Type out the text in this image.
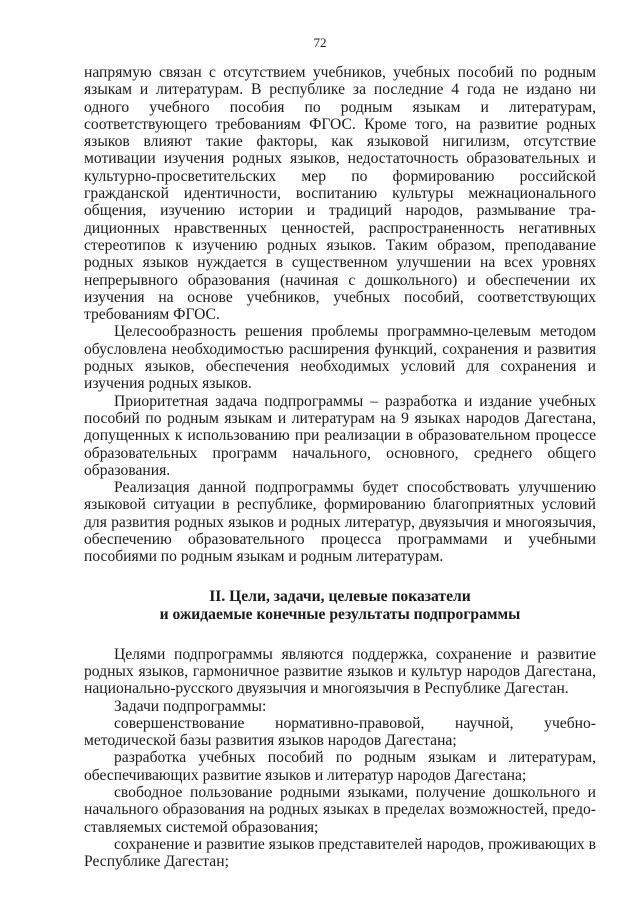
72

напрямую связан с отсутствием учебников, учебных пособий по родным языкам и литературам. В республике за последние 4 года не издано ни одного учебного пособия по родным языкам и литературам, соответствующего требованиям ФГОС. Кроме того, на развитие родных языков влияют такие факторы, как языковой нигилизм, отсутствие мотивации изучения родных языков, недостаточность образовательных и культурно-просветительских мер по формированию российской гражданской идентичности, воспитанию культуры межнационального общения, изучению истории и традиций народов, размывание традиционных нравственных ценностей, распространенность негативных стереотипов к изучению родных языков. Таким образом, преподавание родных языков нуждается в существенном улучшении на всех уровнях непрерывного образования (начиная с дошкольного) и обеспечении их изучения на основе учебников, учебных пособий, соответствующих требованиям ФГОС.

Целесообразность решения проблемы программно-целевым методом обусловлена необходимостью расширения функций, сохранения и развития родных языков, обеспечения необходимых условий для сохранения и изучения родных языков.

Приоритетная задача подпрограммы – разработка и издание учебных пособий по родным языкам и литературам на 9 языках народов Дагестана, допущенных к использованию при реализации в образовательном процессе образовательных программ начального, основного, среднего общего образования.

Реализация данной подпрограммы будет способствовать улучшению языковой ситуации в республике, формированию благоприятных условий для развития родных языков и родных литератур, двуязычия и многоязычия, обеспечению образовательного процесса программами и учебными пособиями по родным языкам и родным литературам.

II. Цели, задачи, целевые показатели
и ожидаемые конечные результаты подпрограммы

Целями подпрограммы являются поддержка, сохранение и развитие родных языков, гармоничное развитие языков и культур народов Дагестана, национально-русского двуязычия и многоязычия в Республике Дагестан.

Задачи подпрограммы:

совершенствование нормативно-правовой, научной, учебно-методической базы развития языков народов Дагестана;

разработка учебных пособий по родным языкам и литературам, обеспечивающих развитие языков и литератур народов Дагестана;

свободное пользование родными языками, получение дошкольного и начального образования на родных языках в пределах возможностей, предоставляемых системой образования;

сохранение и развитие языков представителей народов, проживающих в Республике Дагестан;
